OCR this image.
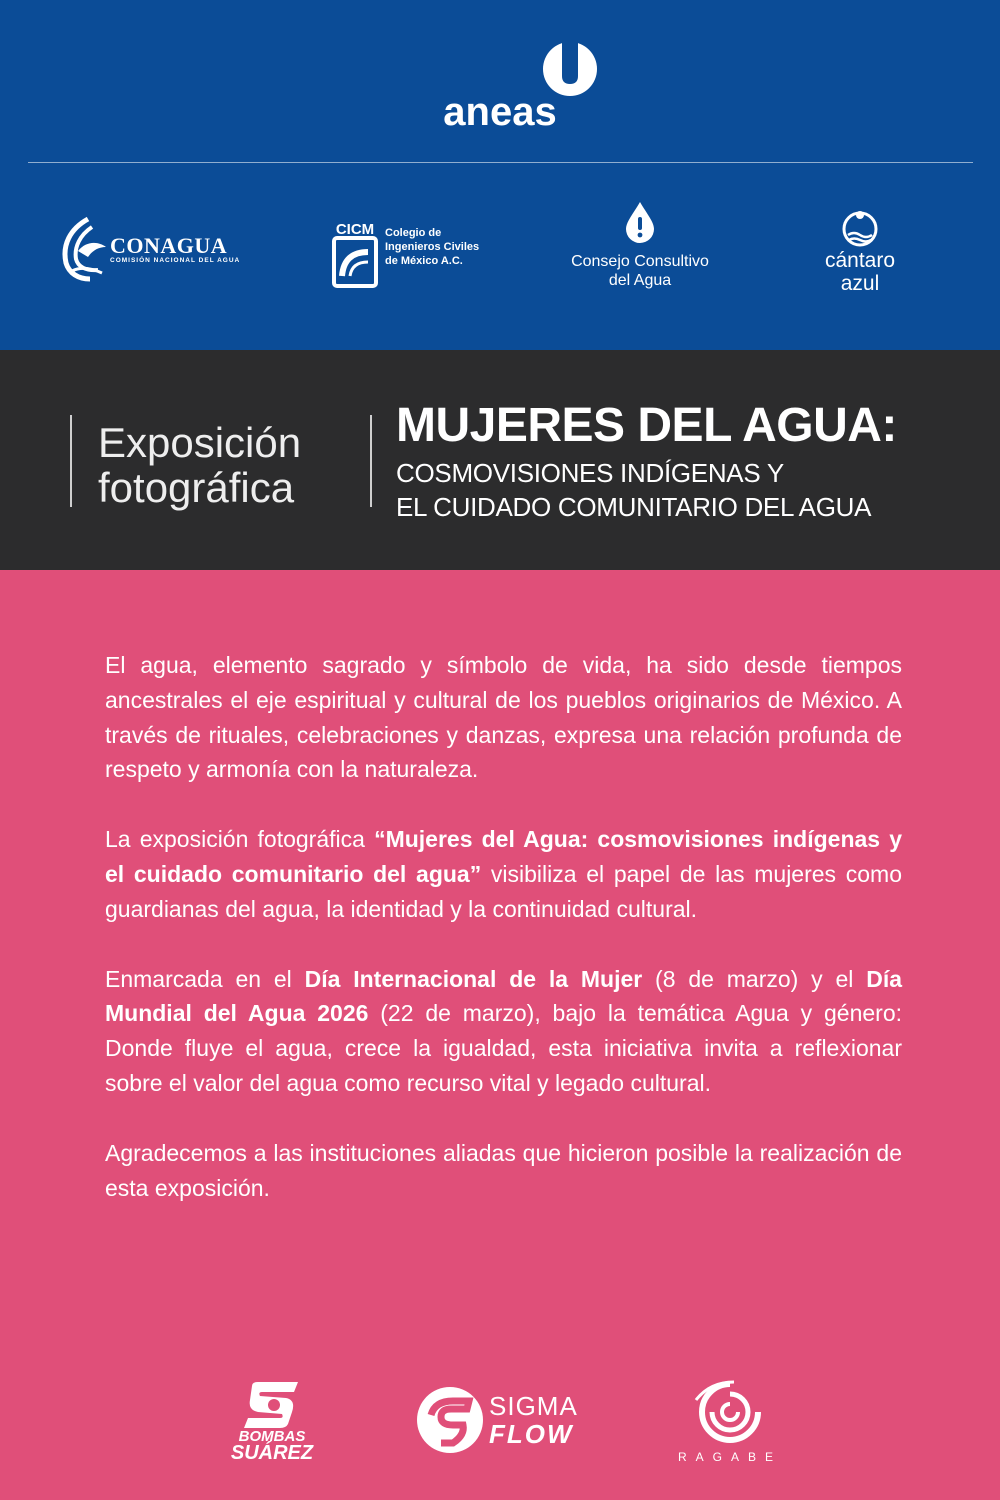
aneas
CONAGUA
COMISIÓN NACIONAL DEL AGUA
CICM Colegio de
Ingenieros Civiles
de México A.C.	Consejo Consultivo del Agua
cántaro
azul
Exposición
fotográfica
MUJERES DEL AGUA:
COSMOVISIONES INDÍGENAS Y
EL CUIDADO COMUNITARIO DEL AGUA

El agua, elemento sagrado y símbolo de vida, ha sido desde tiempos ancestrales el eje espiritual y cultural de los pueblos originarios de México. A través de rituales, celebraciones y danzas, expresa una relación profunda de respeto y armonía con la naturaleza.

La exposición fotográfica “Mujeres del Agua: cosmovisiones indígenas y el cuidado comunitario del agua” visibiliza el papel de las mujeres como guardianas del agua, la identidad y la continuidad cultural.

Enmarcada en el Día Internacional de la Mujer (8 de marzo) y el Día Mundial del Agua 2026 (22 de marzo), bajo la temática Agua y género: Donde fluye el agua, crece la igualdad, esta iniciativa invita a reflexionar sobre el valor del agua como recurso vital y legado cultural.

Agradecemos a las instituciones aliadas que hicieron posible la realización de esta exposición.

BOMBAS
SUÁREZ
SIGMA
FLOW
RAGABE
